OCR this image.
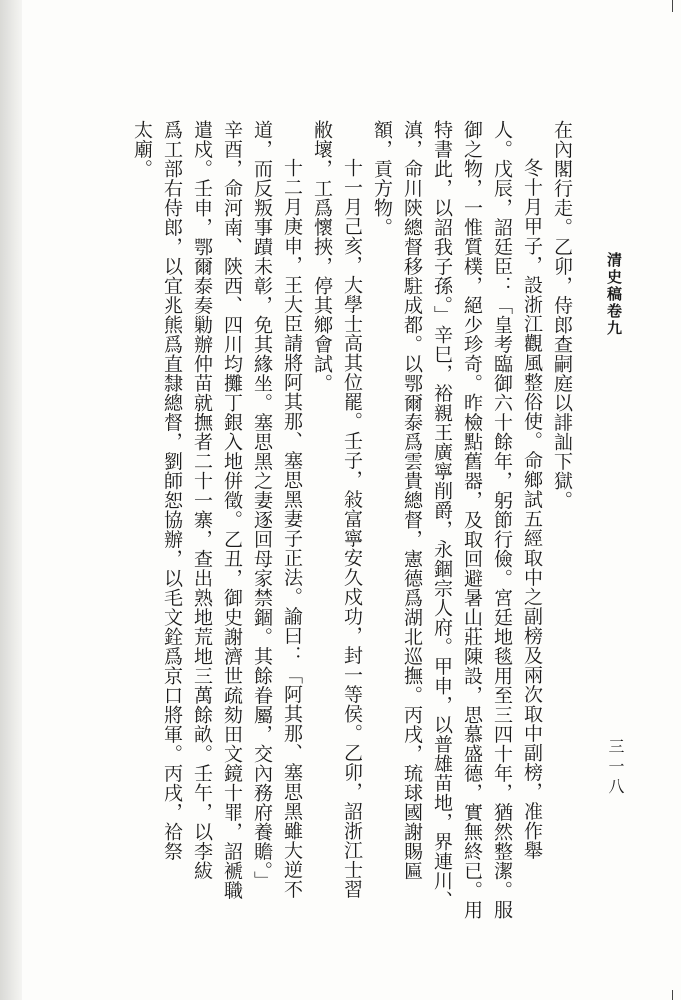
清史稿卷九
三一八

在內閣行走。乙卯，侍郎查嗣庭以誹訕下獄。

冬十月甲子，設浙江觀風整俗使。命鄉試五經取中之副榜及兩次取中副榜，准作舉

人。戊辰，詔廷臣：「皇考臨御六十餘年，躬節行儉。宮廷地毯用至三四十年，猶然整潔。服

御之物，一惟質樸，絕少珍奇。昨檢點舊器，及取回避暑山莊陳設，思慕盛德，實無終已。用

特書此，以詔我子孫。」辛巳，裕親王廣寧削爵，永錮宗人府。甲申，以普雄苗地，界連川、

滇，命川陝總督移駐成都。以鄂爾泰爲雲貴總督，憲德爲湖北巡撫。丙戌，琉球國謝賜匾

額，貢方物。

十一月己亥，大學士高其位罷。壬子，敍富寧安久戍功，封一等侯。乙卯，詔浙江士習

敝壞，工爲懷挾，停其鄉會試。

十二月庚申，王大臣請將阿其那、塞思黑妻子正法。諭曰：「阿其那、塞思黑雖大逆不

道，而反叛事蹟未彰，免其緣坐。塞思黑之妻逐回母家禁錮。其餘眷屬，交內務府養贍。」

辛酉，命河南、陝西、四川均攤丁銀入地併徵。乙丑，御史謝濟世疏劾田文鏡十罪，詔褫職

遣戍。壬申，鄂爾泰奏勦辦仲苗就撫者二十一寨，查出熟地荒地三萬餘畝。壬午，以李紱

爲工部右侍郎，以宜兆熊爲直隸總督，劉師恕協辦，以毛文銓爲京口將軍。丙戌，祫祭

太廟。
